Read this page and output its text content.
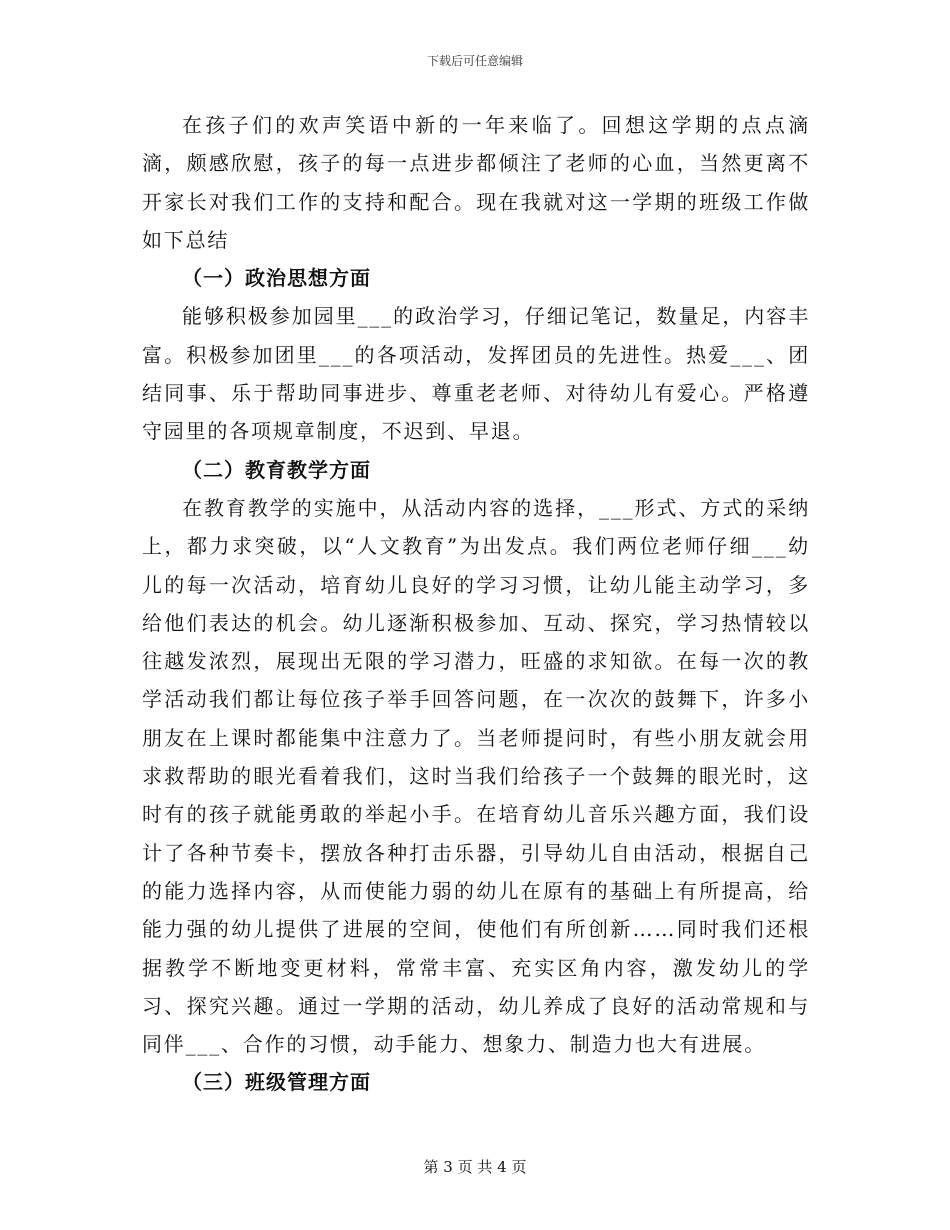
下载后可任意编辑

在孩子们的欢声笑语中新的一年来临了。回想这学期的点点滴滴，颇感欣慰，孩子的每一点进步都倾注了老师的心血，当然更离不开家长对我们工作的支持和配合。现在我就对这一学期的班级工作做如下总结

（一）政治思想方面

能够积极参加园里___的政治学习，仔细记笔记，数量足，内容丰富。积极参加团里___的各项活动，发挥团员的先进性。热爱___、团结同事、乐于帮助同事进步、尊重老老师、对待幼儿有爱心。严格遵守园里的各项规章制度，不迟到、早退。

（二）教育教学方面

在教育教学的实施中，从活动内容的选择，___形式、方式的采纳上，都力求突破，以“人文教育”为出发点。我们两位老师仔细___幼儿的每一次活动，培育幼儿良好的学习习惯，让幼儿能主动学习，多给他们表达的机会。幼儿逐渐积极参加、互动、探究，学习热情较以往越发浓烈，展现出无限的学习潜力，旺盛的求知欲。在每一次的教学活动我们都让每位孩子举手回答问题，在一次次的鼓舞下，许多小朋友在上课时都能集中注意力了。当老师提问时，有些小朋友就会用求救帮助的眼光看着我们，这时当我们给孩子一个鼓舞的眼光时，这时有的孩子就能勇敢的举起小手。在培育幼儿音乐兴趣方面，我们设计了各种节奏卡，摆放各种打击乐器，引导幼儿自由活动，根据自己的能力选择内容，从而使能力弱的幼儿在原有的基础上有所提高，给能力强的幼儿提供了进展的空间，使他们有所创新……同时我们还根据教学不断地变更材料，常常丰富、充实区角内容，激发幼儿的学习、探究兴趣。通过一学期的活动，幼儿养成了良好的活动常规和与同伴___、合作的习惯，动手能力、想象力、制造力也大有进展。

（三）班级管理方面

第 3 页 共 4 页
